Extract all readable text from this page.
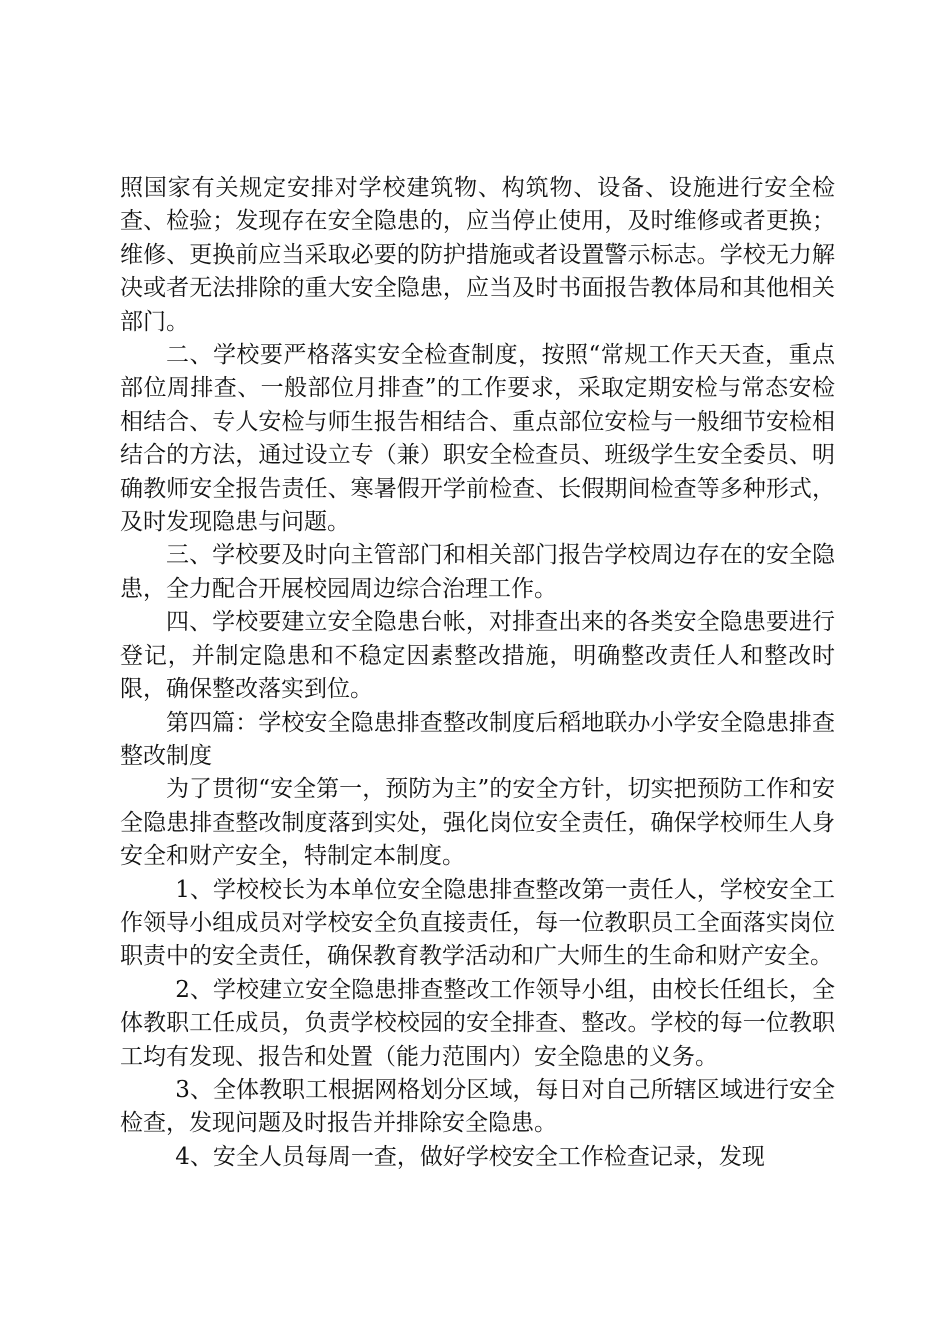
照国家有关规定安排对学校建筑物、构筑物、设备、设施进行安全检查、检验；发现存在安全隐患的，应当停止使用，及时维修或者更换；维修、更换前应当采取必要的防护措施或者设置警示标志。学校无力解决或者无法排除的重大安全隐患，应当及时书面报告教体局和其他相关部门。

二、学校要严格落实安全检查制度，按照“常规工作天天查，重点部位周排查、一般部位月排查”的工作要求，采取定期安检与常态安检相结合、专人安检与师生报告相结合、重点部位安检与一般细节安检相结合的方法，通过设立专（兼）职安全检查员、班级学生安全委员、明确教师安全报告责任、寒暑假开学前检查、长假期间检查等多种形式，及时发现隐患与问题。

三、学校要及时向主管部门和相关部门报告学校周边存在的安全隐患，全力配合开展校园周边综合治理工作。

四、学校要建立安全隐患台帐，对排查出来的各类安全隐患要进行登记，并制定隐患和不稳定因素整改措施，明确整改责任人和整改时限，确保整改落实到位。

第四篇：学校安全隐患排查整改制度后稻地联办小学安全隐患排查整改制度

为了贯彻“安全第一，预防为主”的安全方针，切实把预防工作和安全隐患排查整改制度落到实处，强化岗位安全责任，确保学校师生人身安全和财产安全，特制定本制度。

1、学校校长为本单位安全隐患排查整改第一责任人，学校安全工作领导小组成员对学校安全负直接责任，每一位教职员工全面落实岗位职责中的安全责任，确保教育教学活动和广大师生的生命和财产安全。

2、学校建立安全隐患排查整改工作领导小组，由校长任组长，全体教职工任成员，负责学校校园的安全排查、整改。学校的每一位教职工均有发现、报告和处置（能力范围内）安全隐患的义务。

3、全体教职工根据网格划分区域，每日对自己所辖区域进行安全检查，发现问题及时报告并排除安全隐患。

4、安全人员每周一查，做好学校安全工作检查记录，发现
